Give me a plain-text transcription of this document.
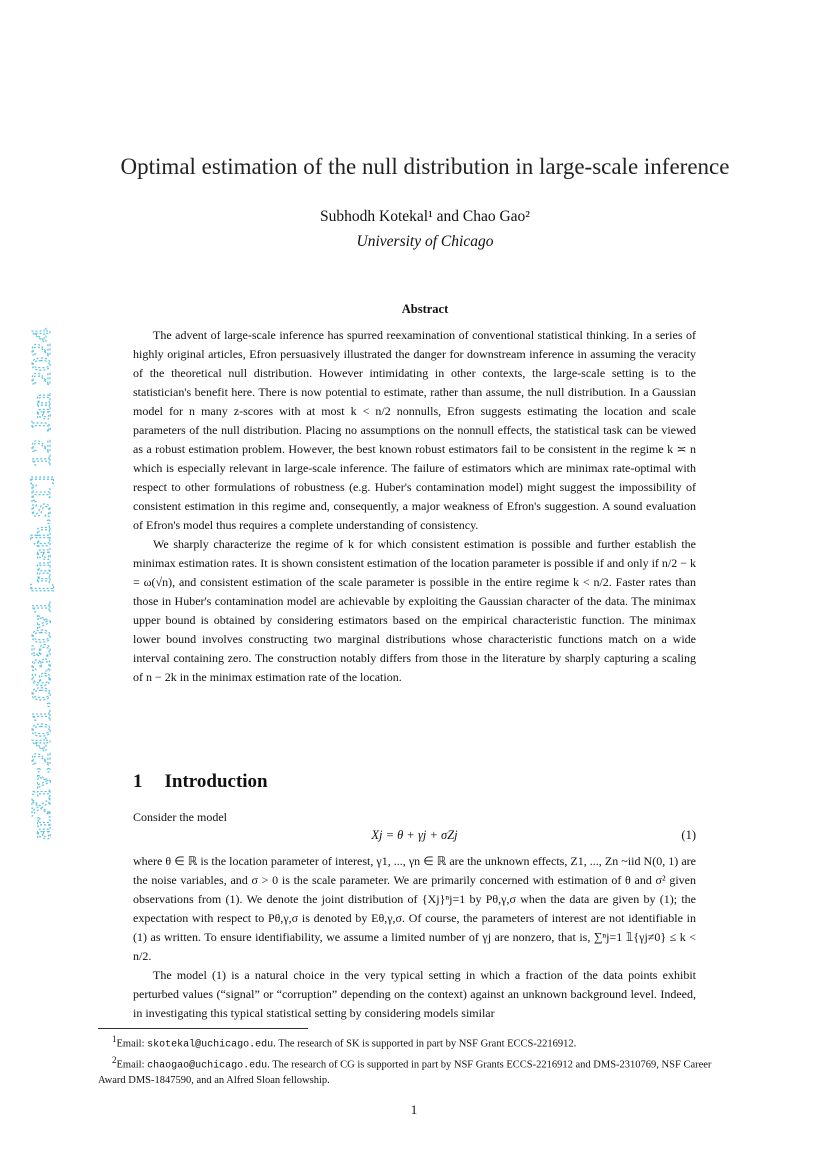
arXiv:2401.06350v1 [math.ST] 12 Jan 2024
Optimal estimation of the null distribution in large-scale inference
Subhodh Kotekal¹ and Chao Gao²
University of Chicago
Abstract

The advent of large-scale inference has spurred reexamination of conventional statistical thinking. In a series of highly original articles, Efron persuasively illustrated the danger for downstream inference in assuming the veracity of the theoretical null distribution. However intimidating in other contexts, the large-scale setting is to the statistician's benefit here. There is now potential to estimate, rather than assume, the null distribution. In a Gaussian model for n many z-scores with at most k < n/2 nonnulls, Efron suggests estimating the location and scale parameters of the null distribution. Placing no assumptions on the nonnull effects, the statistical task can be viewed as a robust estimation problem. However, the best known robust estimators fail to be consistent in the regime k ≍ n which is especially relevant in large-scale inference. The failure of estimators which are minimax rate-optimal with respect to other formulations of robustness (e.g. Huber's contamination model) might suggest the impossibility of consistent estimation in this regime and, consequently, a major weakness of Efron's suggestion. A sound evaluation of Efron's model thus requires a complete understanding of consistency.

We sharply characterize the regime of k for which consistent estimation is possible and further establish the minimax estimation rates. It is shown consistent estimation of the location parameter is possible if and only if n/2 − k = ω(√n), and consistent estimation of the scale parameter is possible in the entire regime k < n/2. Faster rates than those in Huber's contamination model are achievable by exploiting the Gaussian character of the data. The minimax upper bound is obtained by considering estimators based on the empirical characteristic function. The minimax lower bound involves constructing two marginal distributions whose characteristic functions match on a wide interval containing zero. The construction notably differs from those in the literature by sharply capturing a scaling of n − 2k in the minimax estimation rate of the location.

1 Introduction
Consider the model
Xj = θ + γj + σZj	(1)

where θ ∈ ℝ is the location parameter of interest, γ1, ..., γn ∈ ℝ are the unknown effects, Z1, ..., Zn ~iid N(0, 1) are the noise variables, and σ > 0 is the scale parameter. We are primarily concerned with estimation of θ and σ² given observations from (1). We denote the joint distribution of {Xj}ⁿj=1 by Pθ,γ,σ when the data are given by (1); the expectation with respect to Pθ,γ,σ is denoted by Eθ,γ,σ. Of course, the parameters of interest are not identifiable in (1) as written. To ensure identifiability, we assume a limited number of γj are nonzero, that is, ∑ⁿj=1 𝟙{γj≠0} ≤ k < n/2.

The model (1) is a natural choice in the very typical setting in which a fraction of the data points exhibit perturbed values (“signal” or “corruption” depending on the context) against an unknown background level. Indeed, in investigating this typical statistical setting by considering models similar

$^1$Email: skotekal@uchicago.edu. The research of SK is supported in part by NSF Grant ECCS-2216912.

$^2$Email: chaogao@uchicago.edu. The research of CG is supported in part by NSF Grants ECCS-2216912 and DMS-2310769, NSF Career Award DMS-1847590, and an Alfred Sloan fellowship.

1
